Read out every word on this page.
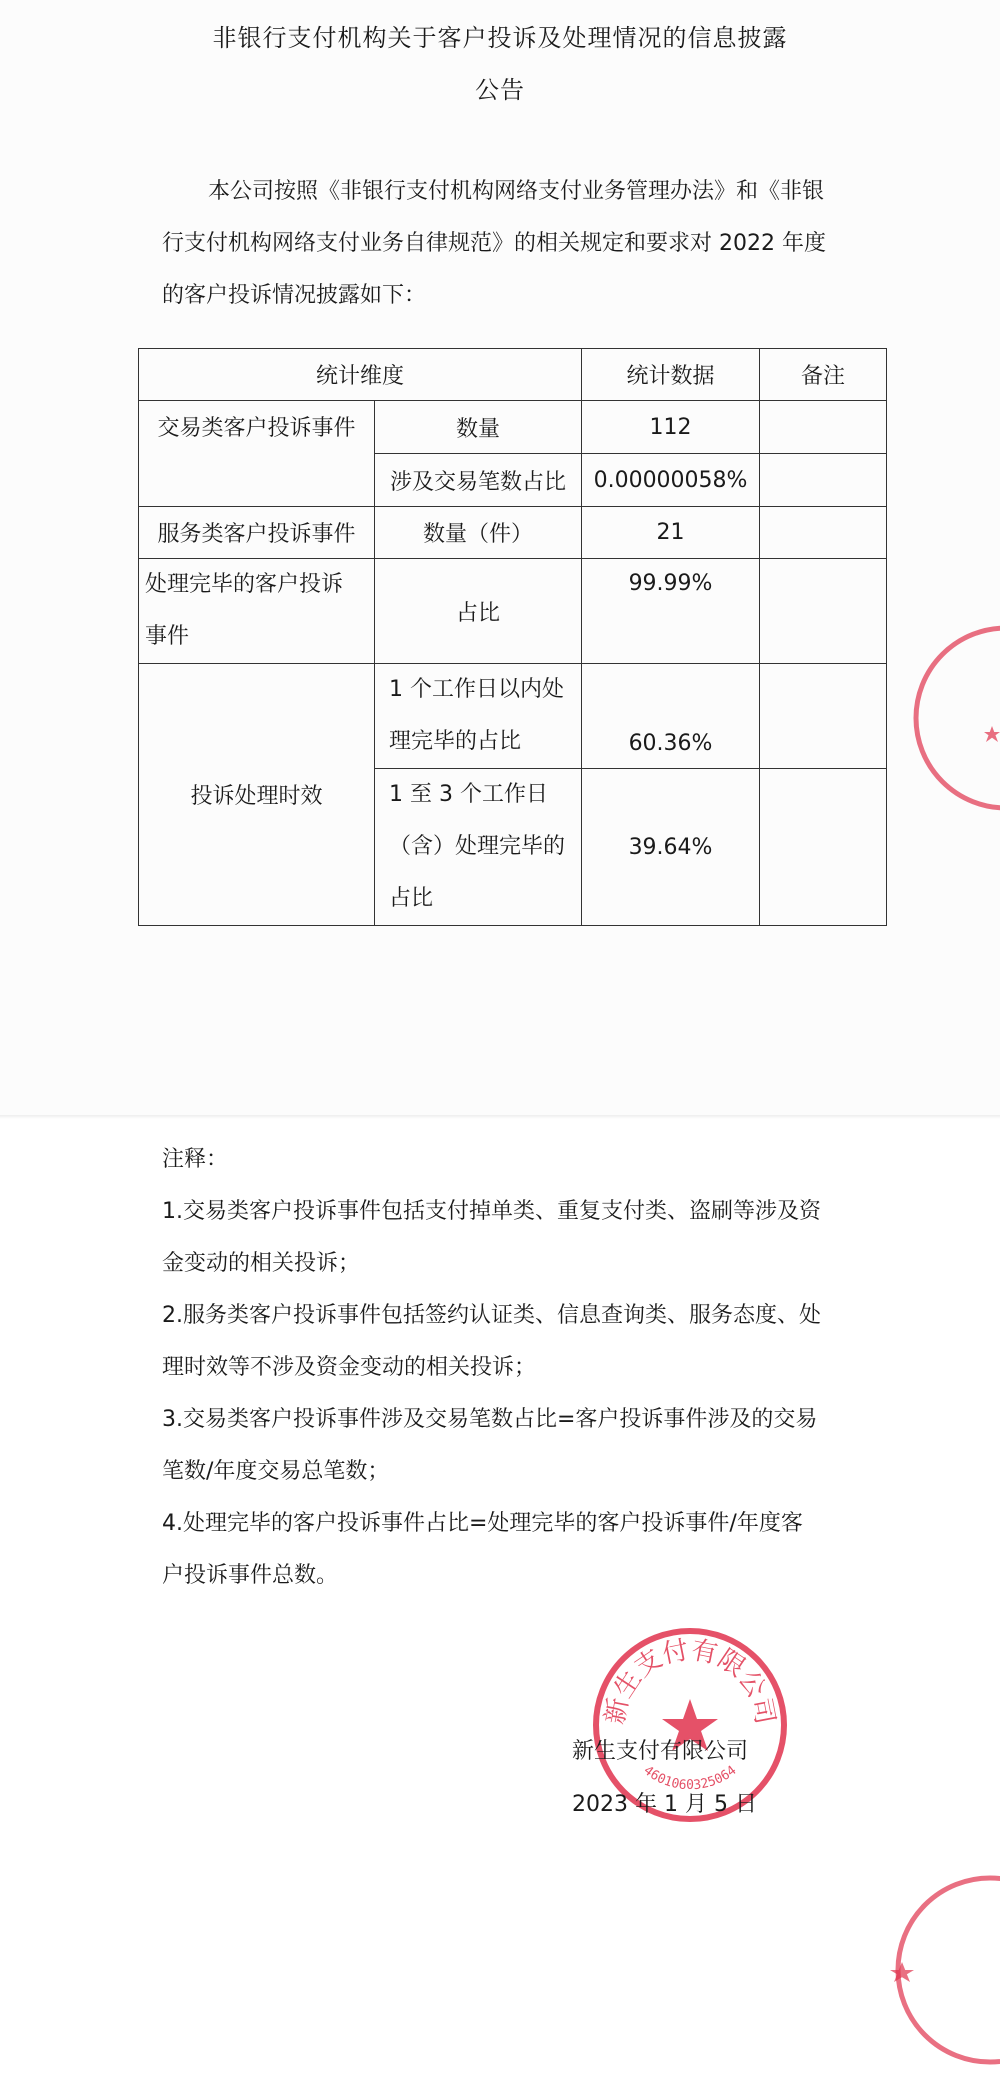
非银行支付机构关于客户投诉及处理情况的信息披露
公告
本公司按照《非银行支付机构网络支付业务管理办法》和《非银
行支付机构网络支付业务自律规范》的相关规定和要求对 2022 年度
的客户投诉情况披露如下：
统计维度		统计数据	备注
交易类客户投诉事件	数量	112	
	涉及交易笔数占比	0.00000058%	
服务类客户投诉事件	数量（件）	21	
处理完毕的客户投诉
事件	占比	99.99%	
投诉处理时效	1 个工作日以内处
理完毕的占比	60.36%	
	1 至 3 个工作日
（含）处理完毕的
占比	39.64%	
注释：
1.交易类客户投诉事件包括支付掉单类、重复支付类、盗刷等涉及资
金变动的相关投诉；
2.服务类客户投诉事件包括签约认证类、信息查询类、服务态度、处
理时效等不涉及资金变动的相关投诉；
3.交易类客户投诉事件涉及交易笔数占比=客户投诉事件涉及的交易
笔数/年度交易总笔数；
4.处理完毕的客户投诉事件占比=处理完毕的客户投诉事件/年度客
户投诉事件总数。
新生支付有限公司
4601060325064
新生支付有限公司
2023 年 1 月 5 日
